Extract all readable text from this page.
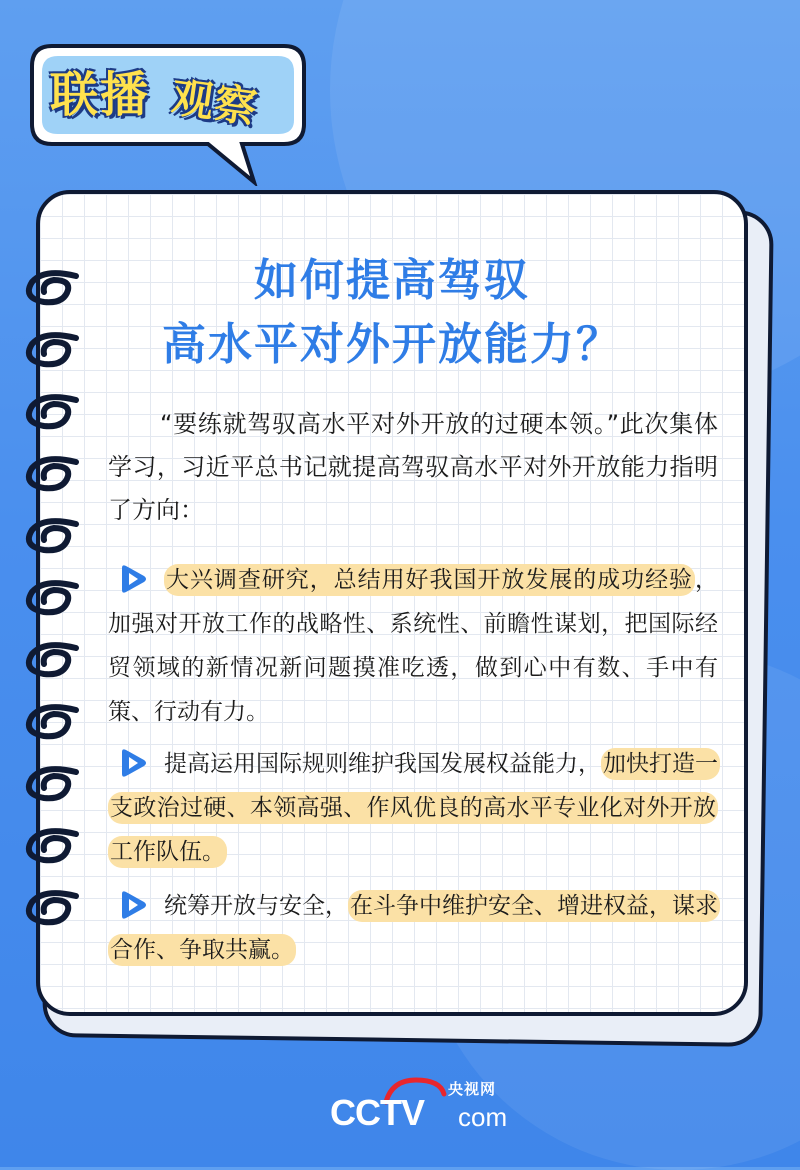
联播 观察
如何提高驾驭
高水平对外开放能力？
“要练就驾驭高水平对外开放的过硬本领。”此次集体学习，习近平总书记就提高驾驭高水平对外开放能力指明了方向：

大兴调查研究，总结用好我国开放发展的成功经验，加强对开放工作的战略性、系统性、前瞻性谋划，把国际经贸领域的新情况新问题摸准吃透，做到心中有数、手中有策、行动有力。

提高运用国际规则维护我国发展权益能力，加快打造一支政治过硬、本领高强、作风优良的高水平专业化对外开放工作队伍。

统筹开放与安全，在斗争中维护安全、增进权益，谋求合作、争取共赢。

央视网
CCTV com
